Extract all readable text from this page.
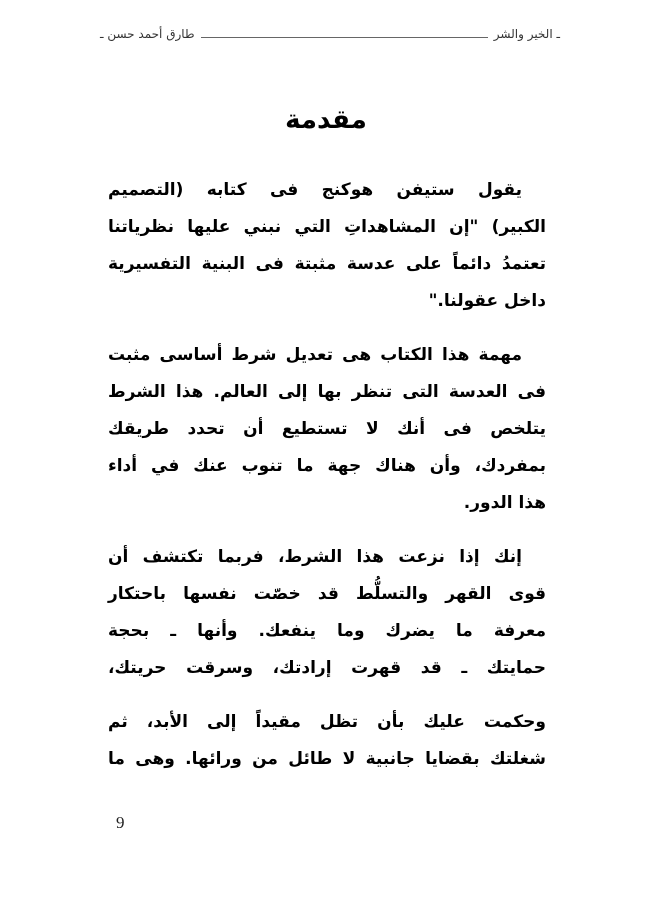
ـ الخير والشر
طارق أحمد حسن ـ
مقدمة
يقول ستيفن هوكنج فى كتابه (التصميم
الكبير) "إن المشاهداتِ التي نبني عليها نظرياتنا
تعتمدُ دائماً على عدسة مثبتة فى البنية التفسيرية
داخل عقولنا."
مهمة هذا الكتاب هى تعديل شرط أساسى مثبت
فى العدسة التى تنظر بها إلى العالم. هذا الشرط
يتلخص فى أنك لا تستطيع أن تحدد طريقك
بمفردك، وأن هناك جهة ما تنوب عنك في أداء
هذا الدور.
إنك إذا نزعت هذا الشرط، فربما تكتشف أن
قوى القهر والتسلُّط قد خصّت نفسها باحتكار
معرفة ما يضرك وما ينفعك. وأنها ـ بحجة
حمايتك ـ قد قهرت إرادتك، وسرقت حريتك،
وحكمت عليك بأن تظل مقيداً إلى الأبد، ثم
شغلتك بقضايا جانبية لا طائل من ورائها. وهى ما
9
